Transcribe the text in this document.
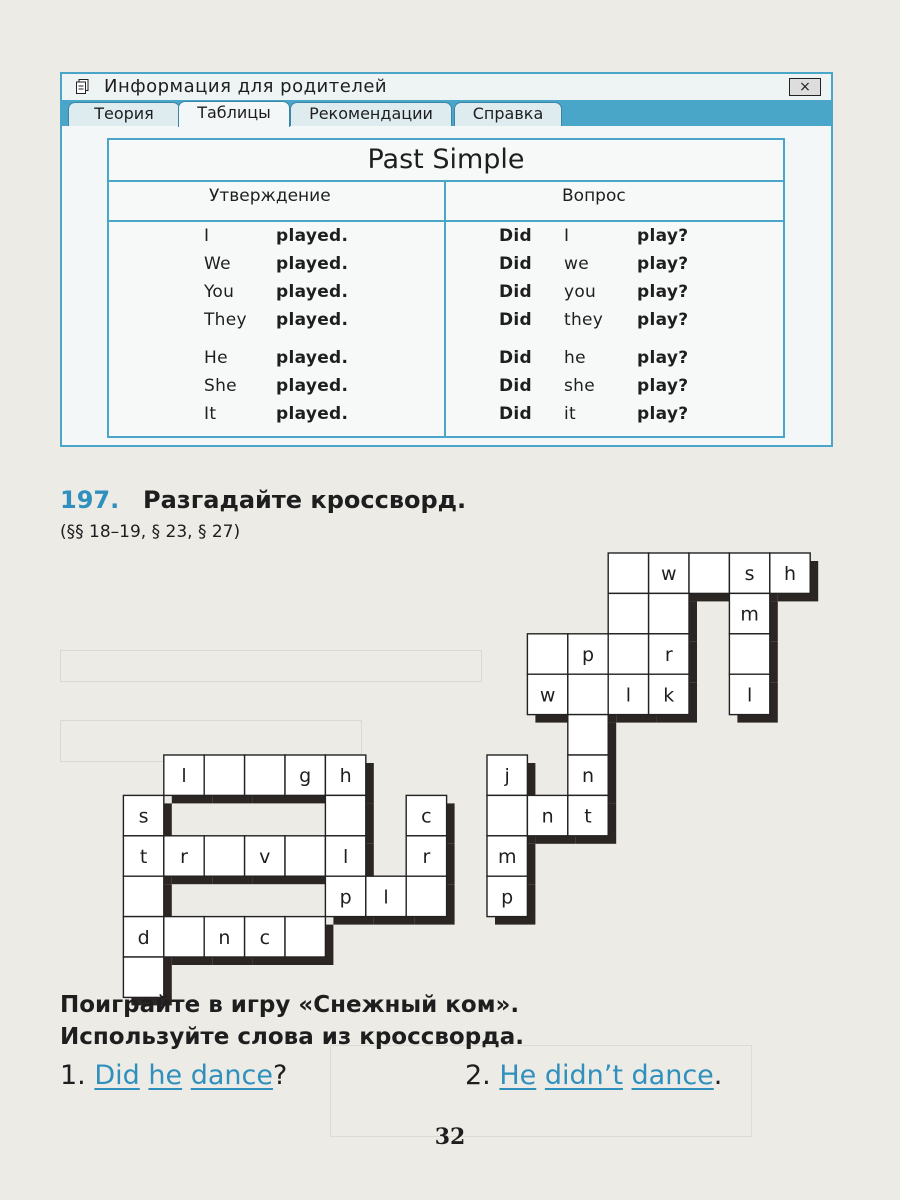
Информация для родителей	×
Теория	Таблицы	Рекомендации	Справка
Past Simple
Утверждение	Вопрос
I	played.	Did I	play?
We	played.	Did we	play?
You played.	Did you play?
They played.	Did they play?
He	played.	Did he	play?
She played.	Did she play?
It	played.	Did it	play?
197. Разгадайте кроссворд.
(§§ 18–19, § 23, § 27)
w	s h
m
p	r
w	l k	l
l	g h	j	n
s	c	n t
t r	v	l	r	m
p l	p
d	n c
Поиграйте в игру «Снежный ком».
Используйте слова из кроссворда.
1. Did he dance?	2. He didn’t dance.
32
